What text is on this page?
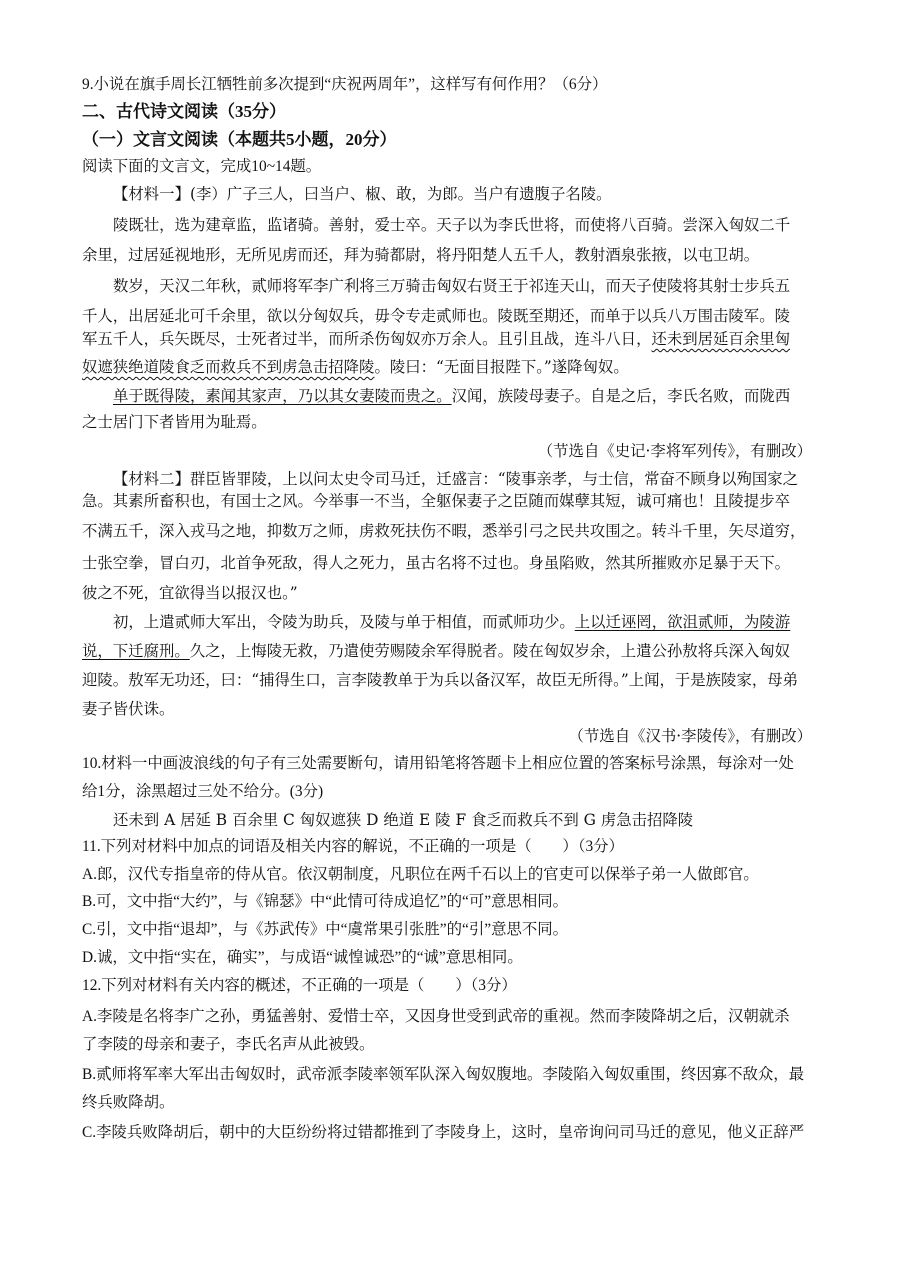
9.小说在旗手周长江牺牲前多次提到“庆祝两周年”，这样写有何作用？（6分）
二、古代诗文阅读（35分）
（一）文言文阅读（本题共5小题，20分）
阅读下面的文言文，完成10~14题。
【材料一】(李）广子三人，曰当户、椒、敢，为郎。当户有遗腹子名陵。
陵既壮，选为建章监，监诸骑。善射，爱士卒。天子以为李氏世将，而使将八百骑。尝深入匈奴二千
余里，过居延视地形，无所见虏而还，拜为骑都尉，将丹阳楚人五千人，教射酒泉张掖，以屯卫胡。
数岁，天汉二年秋，贰师将军李广利将三万骑击匈奴右贤王于祁连天山，而天子使陵将其射士步兵五
千人，出居延北可千余里，欲以分匈奴兵，毋令专走贰师也。陵既至期还，而单于以兵八万围击陵军。陵
军五千人，兵矢既尽，士死者过半，而所杀伤匈奴亦万余人。且引且战，连斗八日，还未到居延百余里匈
奴遮狭绝道陵食乏而救兵不到虏急击招降陵。陵曰：“无面目报陛下。”遂降匈奴。
单于既得陵，素闻其家声，乃以其女妻陵而贵之。汉闻，族陵母妻子。自是之后，李氏名败，而陇西
之士居门下者皆用为耻焉。
（节选自《史记·李将军列传》，有删改）
【材料二】群臣皆罪陵，上以问太史令司马迁，迁盛言：“陵事亲孝，与士信，常奋不顾身以殉国家之
急。其素所畜积也，有国士之风。今举事一不当，全躯保妻子之臣随而媒孽其短，诚可痛也！且陵提步卒
不满五千，深入戎马之地，抑数万之师，虏救死扶伤不暇，悉举引弓之民共攻围之。转斗千里，矢尽道穷，
士张空拳，冒白刃，北首争死敌，得人之死力，虽古名将不过也。身虽陷败，然其所摧败亦足暴于天下。
彼之不死，宜欲得当以报汉也。”
初，上遣贰师大军出，令陵为助兵，及陵与单于相值，而贰师功少。上以迁诬罔，欲沮贰师，为陵游
说，下迁腐刑。久之，上悔陵无救，乃遣使劳赐陵余军得脱者。陵在匈奴岁余，上遣公孙敖将兵深入匈奴
迎陵。敖军无功还，曰：“捕得生口，言李陵教单于为兵以备汉军，故臣无所得。”上闻，于是族陵家，母弟
妻子皆伏诛。
（节选自《汉书·李陵传》，有删改）
10.材料一中画波浪线的句子有三处需要断句，请用铅笔将答题卡上相应位置的答案标号涂黑，每涂对一处
给1分，涂黑超过三处不给分。(3分)
还未到 A 居延 B 百余里 C 匈奴遮狭 D 绝道 E 陵 F 食乏而救兵不到 G 虏急击招降陵
11.下列对材料中加点的词语及相关内容的解说，不正确的一项是（　　）（3分）
A.郎，汉代专指皇帝的侍从官。依汉朝制度，凡职位在两千石以上的官吏可以保举子弟一人做郎官。
B.可，文中指“大约”，与《锦瑟》中“此情可待成追忆”的“可”意思相同。
C.引，文中指“退却”，与《苏武传》中“虞常果引张胜”的“引”意思不同。
D.诚，文中指“实在，确实”，与成语“诚惶诚恐”的“诚”意思相同。
12.下列对材料有关内容的概述，不正确的一项是（　　）（3分）
A.李陵是名将李广之孙，勇猛善射、爱惜士卒，又因身世受到武帝的重视。然而李陵降胡之后，汉朝就杀
了李陵的母亲和妻子，李氏名声从此被毁。
B.贰师将军率大军出击匈奴时，武帝派李陵率领军队深入匈奴腹地。李陵陷入匈奴重围，终因寡不敌众，最
终兵败降胡。
C.李陵兵败降胡后，朝中的大臣纷纷将过错都推到了李陵身上，这时，皇帝询问司马迁的意见，他义正辞严
